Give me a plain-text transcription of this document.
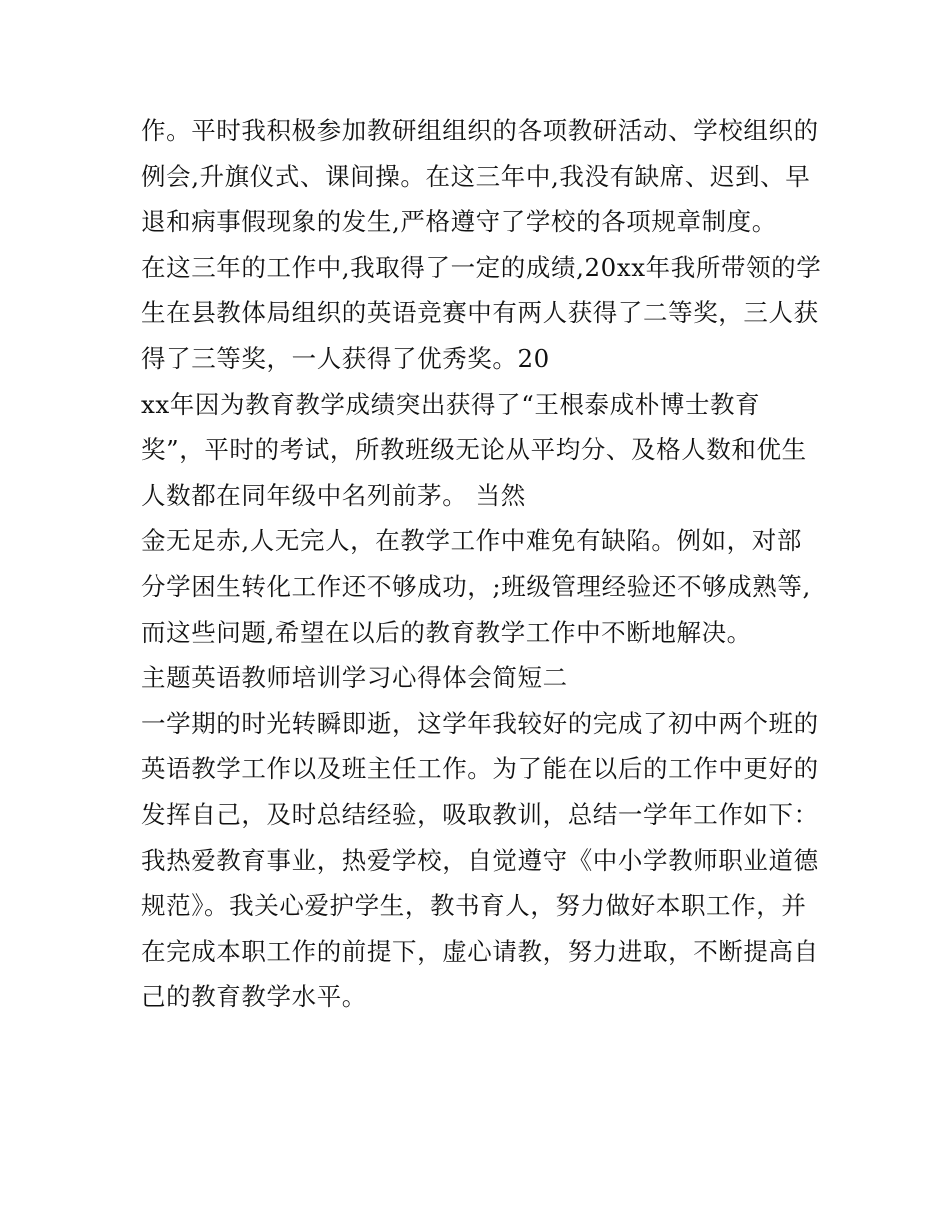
作。平时我积极参加教研组组织的各项教研活动、学校组织的
例会,升旗仪式、课间操。在这三年中,我没有缺席、迟到、早
退和病事假现象的发生,严格遵守了学校的各项规章制度。
在这三年的工作中,我取得了一定的成绩,20xx年我所带领的学
生在县教体局组织的英语竞赛中有两人获得了二等奖，三人获
得了三等奖，一人获得了优秀奖。20
xx年因为教育教学成绩突出获得了“王根泰成朴博士教育
奖”，平时的考试，所教班级无论从平均分、及格人数和优生
人数都在同年级中名列前茅。 当然
金无足赤,人无完人，在教学工作中难免有缺陷。例如，对部
分学困生转化工作还不够成功，;班级管理经验还不够成熟等,
而这些问题,希望在以后的教育教学工作中不断地解决。
主题英语教师培训学习心得体会简短二
一学期的时光转瞬即逝，这学年我较好的完成了初中两个班的
英语教学工作以及班主任工作。为了能在以后的工作中更好的
发挥自己，及时总结经验，吸取教训，总结一学年工作如下：
我热爱教育事业，热爱学校，自觉遵守《中小学教师职业道德
规范》。我关心爱护学生，教书育人，努力做好本职工作，并
在完成本职工作的前提下，虚心请教，努力进取，不断提高自
己的教育教学水平。
